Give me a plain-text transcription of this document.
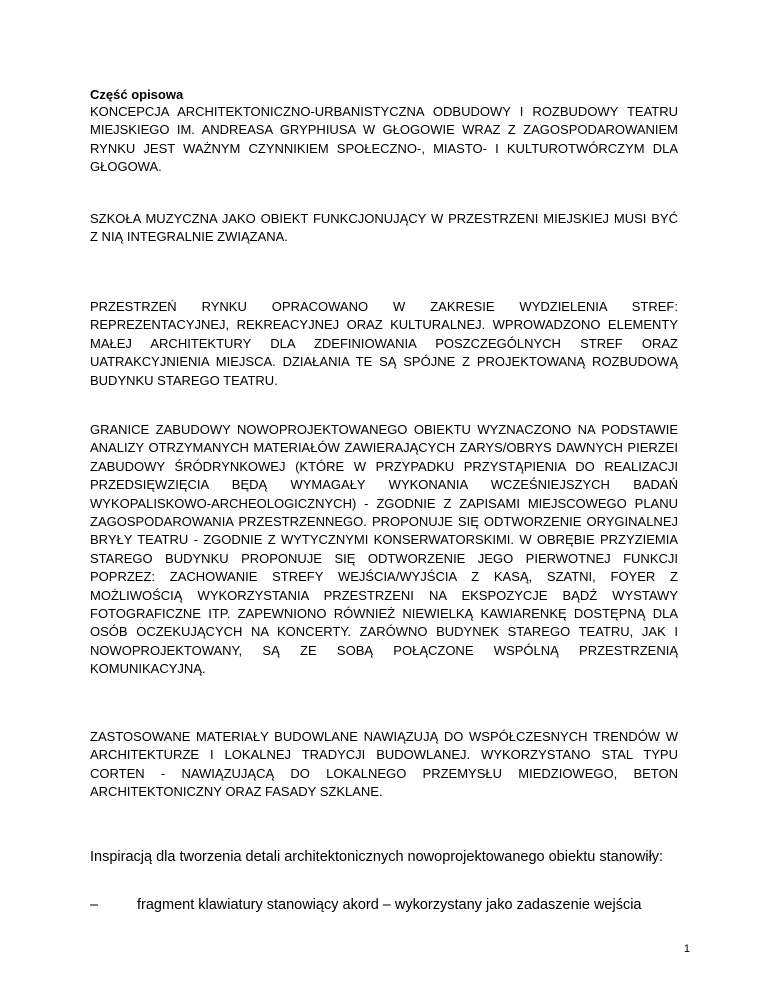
Część opisowa

KONCEPCJA ARCHITEKTONICZNO-URBANISTYCZNA ODBUDOWY I ROZBUDOWY TEATRU MIEJSKIEGO IM. ANDREASA GRYPHIUSA W GŁOGOWIE WRAZ Z ZAGOSPODAROWANIEM RYNKU JEST WAŻNYM CZYNNIKIEM SPOŁECZNO-, MIASTO- I KULTUROTWÓRCZYM DLA GŁOGOWA.

SZKOŁA MUZYCZNA JAKO OBIEKT FUNKCJONUJĄCY W PRZESTRZENI MIEJSKIEJ MUSI BYĆ Z NIĄ INTEGRALNIE ZWIĄZANA.

PRZESTRZEŃ RYNKU OPRACOWANO W ZAKRESIE WYDZIELENIA STREF: REPREZENTACYJNEJ, REKREACYJNEJ ORAZ KULTURALNEJ. WPROWADZONO ELEMENTY MAŁEJ ARCHITEKTURY DLA ZDEFINIOWANIA POSZCZEGÓLNYCH STREF ORAZ UATRAKCYJNIENIA MIEJSCA. DZIAŁANIA TE SĄ SPÓJNE Z PROJEKTOWANĄ ROZBUDOWĄ BUDYNKU STAREGO TEATRU.

GRANICE ZABUDOWY NOWOPROJEKTOWANEGO OBIEKTU WYZNACZONO NA PODSTAWIE ANALIZY OTRZYMANYCH MATERIAŁÓW ZAWIERAJĄCYCH ZARYS/OBRYS DAWNYCH PIERZEI ZABUDOWY ŚRÓDRYNKOWEJ (KTÓRE W PRZYPADKU PRZYSTĄPIENIA DO REALIZACJI PRZEDSIĘWZIĘCIA BĘDĄ WYMAGAŁY WYKONANIA WCZEŚNIEJSZYCH BADAŃ WYKOPALISKOWO-ARCHEOLOGICZNYCH) - ZGODNIE Z ZAPISAMI MIEJSCOWEGO PLANU ZAGOSPODAROWANIA PRZESTRZENNEGO. PROPONUJE SIĘ ODTWORZENIE ORYGINALNEJ BRYŁY TEATRU - ZGODNIE Z WYTYCZNYMI KONSERWATORSKIMI. W OBRĘBIE PRZYZIEMIA STAREGO BUDYNKU PROPONUJE SIĘ ODTWORZENIE JEGO PIERWOTNEJ FUNKCJI POPRZEZ: ZACHOWANIE STREFY WEJŚCIA/WYJŚCIA Z KASĄ, SZATNI, FOYER Z MOŻLIWOŚCIĄ WYKORZYSTANIA PRZESTRZENI NA EKSPOZYCJE BĄDŹ WYSTAWY FOTOGRAFICZNE ITP. ZAPEWNIONO RÓWNIEŻ NIEWIELKĄ KAWIARENKĘ DOSTĘPNĄ DLA OSÓB OCZEKUJĄCYCH NA KONCERTY. ZARÓWNO BUDYNEK STAREGO TEATRU, JAK I NOWOPROJEKTOWANY, SĄ ZE SOBĄ POŁĄCZONE WSPÓLNĄ PRZESTRZENIĄ KOMUNIKACYJNĄ.

ZASTOSOWANE MATERIAŁY BUDOWLANE NAWIĄZUJĄ DO WSPÓŁCZESNYCH TRENDÓW W ARCHITEKTURZE I LOKALNEJ TRADYCJI BUDOWLANEJ. WYKORZYSTANO STAL TYPU CORTEN - NAWIĄZUJĄCĄ DO LOKALNEGO PRZEMYSŁU MIEDZIOWEGO, BETON ARCHITEKTONICZNY ORAZ FASADY SZKLANE.

Inspiracją dla tworzenia detali architektonicznych nowoprojektowanego obiektu stanowiły:

–	fragment klawiatury stanowiący akord – wykorzystany jako zadaszenie wejścia
1
